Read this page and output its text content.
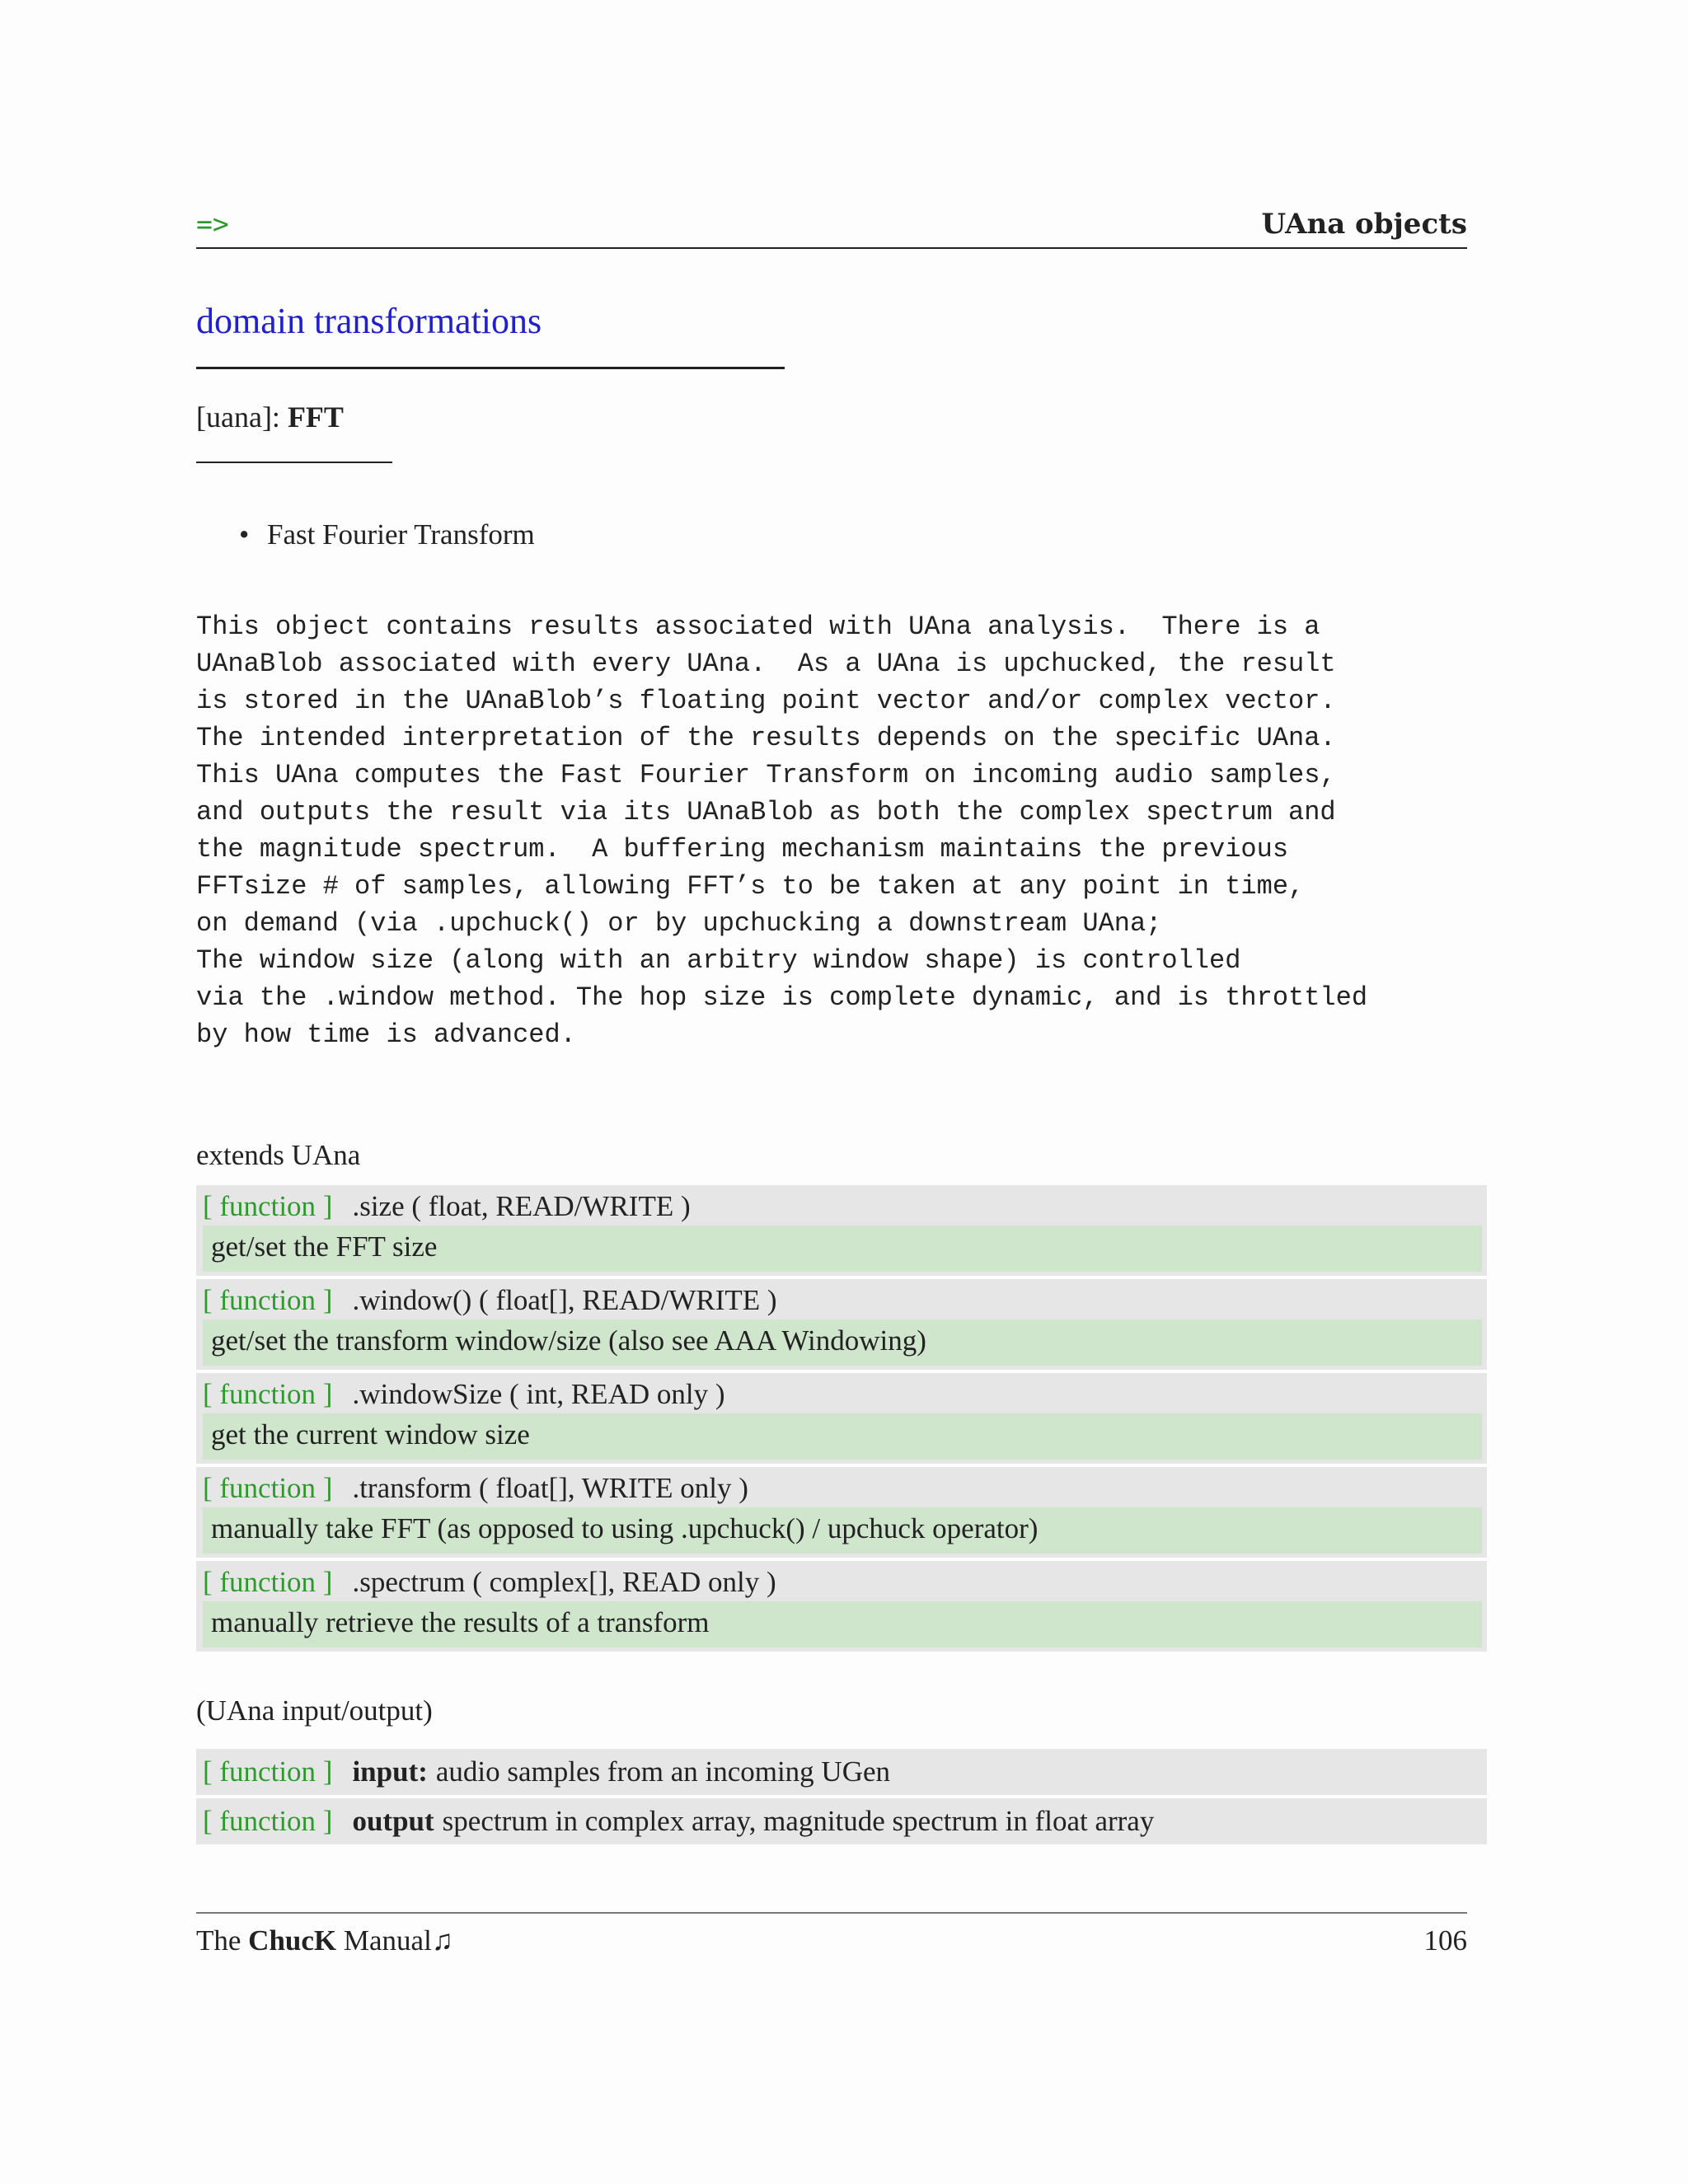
=>	UAna objects
domain transformations
[uana]: FFT
• Fast Fourier Transform
This object contains results associated with UAna analysis.  There is a
UAnaBlob associated with every UAna.  As a UAna is upchucked, the result
is stored in the UAnaBlob’s floating point vector and/or complex vector.
The intended interpretation of the results depends on the specific UAna.
This UAna computes the Fast Fourier Transform on incoming audio samples,
and outputs the result via its UAnaBlob as both the complex spectrum and
the magnitude spectrum.  A buffering mechanism maintains the previous
FFTsize # of samples, allowing FFT’s to be taken at any point in time,
on demand (via .upchuck() or by upchucking a downstream UAna;
The window size (along with an arbitry window shape) is controlled
via the .window method. The hop size is complete dynamic, and is throttled
by how time is advanced.
extends UAna
[ function ] .size ( float, READ/WRITE )
get/set the FFT size
[ function ] .window() ( float[], READ/WRITE )
get/set the transform window/size (also see AAA Windowing)
[ function ] .windowSize ( int, READ only )
get the current window size
[ function ] .transform ( float[], WRITE only )
manually take FFT (as opposed to using .upchuck() / upchuck operator)
[ function ] .spectrum ( complex[], READ only )
manually retrieve the results of a transform
(UAna input/output)
[ function ] input: audio samples from an incoming UGen
[ function ] output spectrum in complex array, magnitude spectrum in float array
The ChucK Manual♫	106
